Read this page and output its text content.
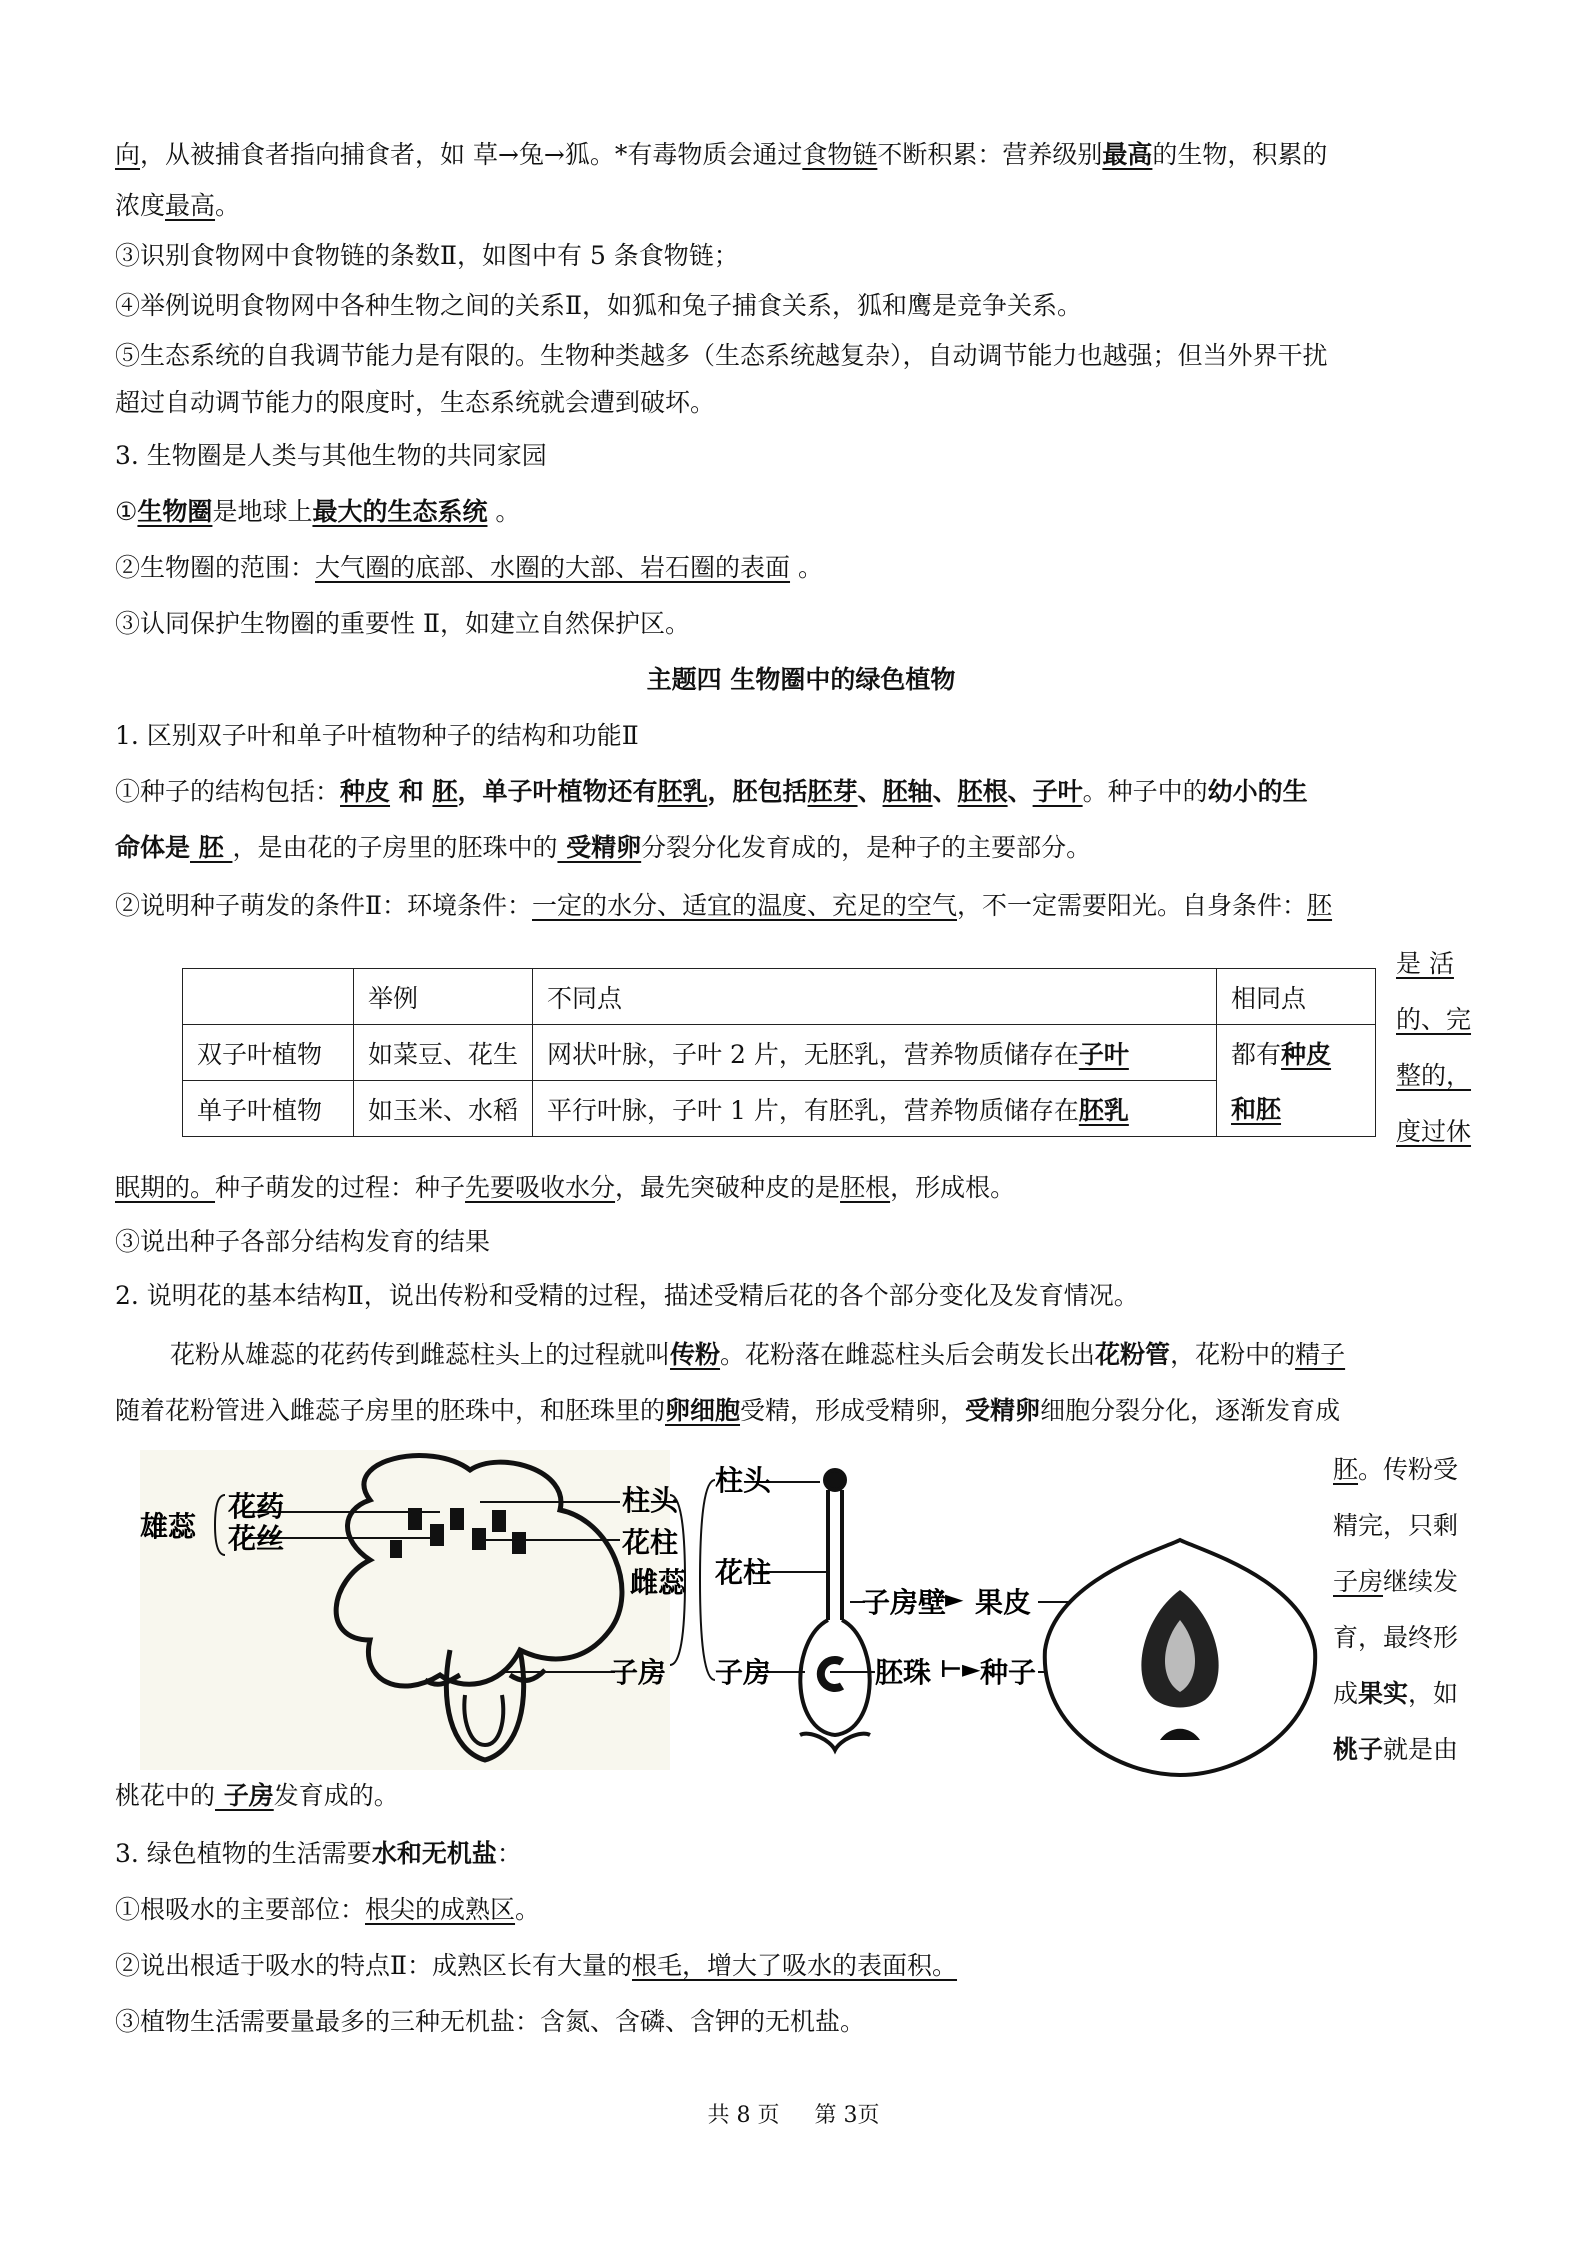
向，从被捕食者指向捕食者，如 草→兔→狐。*有毒物质会通过食物链不断积累：营养级别最高的生物，积累的
浓度最高。
③识别食物网中食物链的条数Ⅱ，如图中有 5 条食物链；
④举例说明食物网中各种生物之间的关系Ⅱ，如狐和兔子捕食关系，狐和鹰是竞争关系。
⑤生态系统的自我调节能力是有限的。生物种类越多（生态系统越复杂），自动调节能力也越强；但当外界干扰
超过自动调节能力的限度时，生态系统就会遭到破坏。
3. 生物圈是人类与其他生物的共同家园
①生物圈是地球上最大的生态系统 。
②生物圈的范围：大气圈的底部、水圈的大部、岩石圈的表面 。
③认同保护生物圈的重要性 Ⅱ，如建立自然保护区。
主题四 生物圈中的绿色植物
1. 区别双子叶和单子叶植物种子的结构和功能Ⅱ
①种子的结构包括：种皮 和 胚，单子叶植物还有胚乳，胚包括胚芽、胚轴、胚根、子叶。种子中的幼小的生
命体是 胚 ，是由花的子房里的胚珠中的 受精卵分裂分化发育成的，是种子的主要部分。
②说明种子萌发的条件Ⅱ：环境条件：一定的水分、适宜的温度、充足的空气，不一定需要阳光。自身条件：胚
是 活
的、完
整的，
度过休
	举例	不同点	相同点
双子叶植物	如菜豆、花生	网状叶脉，子叶 2 片，无胚乳，营养物质储存在子叶	都有种皮
单子叶植物	如玉米、水稻	平行叶脉，子叶 1 片，有胚乳，营养物质储存在胚乳	和胚
眠期的。种子萌发的过程：种子先要吸收水分，最先突破种皮的是胚根，形成根。
③说出种子各部分结构发育的结果
2. 说明花的基本结构Ⅱ，说出传粉和受精的过程，描述受精后花的各个部分变化及发育情况。
花粉从雄蕊的花药传到雌蕊柱头上的过程就叫传粉。花粉落在雌蕊柱头后会萌发长出花粉管，花粉中的精子
随着花粉管进入雌蕊子房里的胚珠中，和胚珠里的卵细胞受精，形成受精卵，受精卵细胞分裂分化，逐渐发育成
胚。传粉受
精完，只剩
子房继续发
育，最终形
成果实，如
桃子就是由
雄蕊
花药
花丝
柱头
花柱
子房
雌蕊
柱头
花柱
子房
子房壁
胚珠
► 果皮
⊢► 种子
桃花中的 子房发育成的。
3. 绿色植物的生活需要水和无机盐：
①根吸水的主要部位：根尖的成熟区。
②说出根适于吸水的特点Ⅱ：成熟区长有大量的根毛，增大了吸水的表面积。
③植物生活需要量最多的三种无机盐：含氮、含磷、含钾的无机盐。
共 8 页 第 3页
